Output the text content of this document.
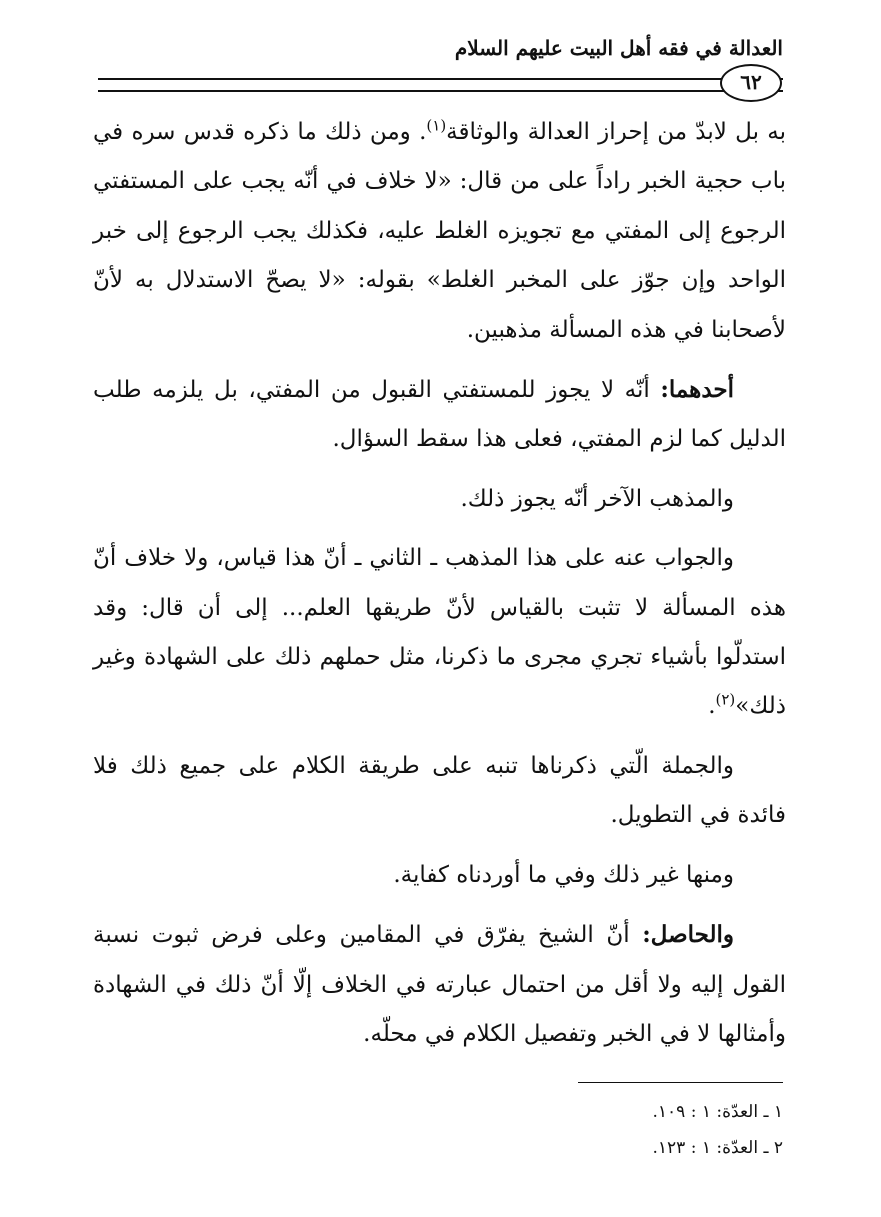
العدالة في فقه أهل البيت عليهم السلام
٦٢

به بل لابدّ من إحراز العدالة والوثاقة$^{(١)}$. ومن ذلك ما ذكره قدس سره في باب حجية الخبر راداً على من قال: «لا خلاف في أنّه يجب على المستفتي الرجوع إلى المفتي مع تجويزه الغلط عليه، فكذلك يجب الرجوع إلى خبر الواحد وإن جوّز على المخبر الغلط» بقوله: «لا يصحّ الاستدلال به لأنّ لأصحابنا في هذه المسألة مذهبين.

أحدهما: أنّه لا يجوز للمستفتي القبول من المفتي، بل يلزمه طلب الدليل كما لزم المفتي، فعلى هذا سقط السؤال.

والمذهب الآخر أنّه يجوز ذلك.

والجواب عنه على هذا المذهب ـ الثاني ـ أنّ هذا قياس، ولا خلاف أنّ هذه المسألة لا تثبت بالقياس لأنّ طريقها العلم... إلى أن قال: وقد استدلّوا بأشياء تجري مجرى ما ذكرنا، مثل حملهم ذلك على الشهادة وغير ذلك»$^{(٢)}$.

والجملة الّتي ذكرناها تنبه على طريقة الكلام على جميع ذلك فلا فائدة في التطويل.

ومنها غير ذلك وفي ما أوردناه كفاية.

والحاصل: أنّ الشيخ يفرّق في المقامين وعلى فرض ثبوت نسبة القول إليه ولا أقل من احتمال عبارته في الخلاف إلّا أنّ ذلك في الشهادة وأمثالها لا في الخبر وتفصيل الكلام في محلّه.

١ ـ العدّة: ١ : ١٠٩.

٢ ـ العدّة: ١ : ١٢٣.
